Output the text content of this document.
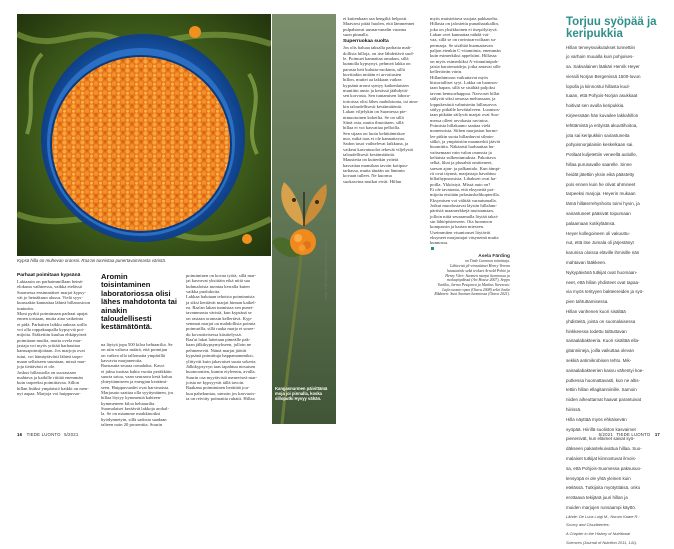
Kypsä hilla on muhevan oranssi. Raa'an tunnistaa punertavammasta väristä.
Parhaat poimitaan kypsänä

Laktaasin on parhaimmillaan heinä-

elokuun vaihteessa, vaikka etelässä

Suomessa ensimmäiset marjat kypsy-

vät jo heinäkuun alussa. Vielä syys-

kuussakin kannattaa lähteä hillanostoon

tunturiin.

Moni pyrkii poimimaan parhaat apajat

ennen toisiaan, mutta aina vaikeinta

ei pidä. Parhaiten laikku aukeaa soilla

voi olla roppakaupalla kypsyviä poi-

mijoita. Etäkettiin kuuluu ehkäpyöreä

poimitaan muilta, mutta ovela mar-

jastaja voi myös yrittää harhauttaa

kanssapoimijoitaan. Jos marjoja ovat

tutut, voi hämäytävästi lähteä tarpo-

maan sellaiseen suuntaan, missä mar-

joja tiettävästi ei ole.

Joskus hillasuolla on suorastaan

mahtava ja kaikille riittää enemmän

kuin tarpeeksi poimittavaa. Sillon

hillan lisäksi ympäristö kaikki on men-

nyt aapaa. Marjoja voi huippuvuo-

Aromin toisintaminen laboratoriossa olisi lähes mahdotonta tai ainakin taloudellisesti kestämätöntä.

na läytyä jopa 500 kiloa hehtaarilta. Se

on niin valtava määrä, että poimijan

on vaikea olla tallomatta ympärillä

kasvavia marjaneroita.

Runsautta seuraa romahdus. Kasvi

ei jaksa tuottaa kahta vuotta peräkkäin

suurta satoa, vaan seuraava kesä kuluu

yhteyttämiseen ja energian keräämi-

seen. Huippuvuodet ovat harvinaisia.

Marjasato saattaa olla syyttynäinen, jos

hillaa löytyy kymmeniä kahteen-

kymmeneen kiloa hehtaarilta.

Suomalaiset keräävät lakkoja arokal-

la. Se on maamme markkinoiksi

hyödynnetyin, sillä sadosta saadaan

talteen noin 20 prosenttia. Suurin

poimiminen on kovaa työtä, sillä mar-

jat kasvavat yksittäin eikä niitä saa

kuhmalotsia montaa kerralla kuten

vaikka puolukoita.

Lakkaa halutaan tehoista poiminnista

ja siksi keräävät marjat hinnan kaikel-

ea. Raa'an lakan tunnistaa sen punet-

tavammasta väristä, kun kypsänä se

on rasiaan oranssin kellertävä. Kyp-

semmat marjat on mahdollista poimia

poimurilla, sillä raaka marja ei sosee-

du kovaotteisessa käsittelyssä.

Raa'at lakat laitetaan pimeälle pak-

kaan jälkikypsymykseen, jolloin ne

pehmenevät. Nämä marjat jäävät

kypsänä poimittuja happamammiksi,

ylittyvät kuin jakavaiset suuta sokeria.

Jälkikypsyvyn taas tapahtuu nirsaisen

huomoonien, kumin etyleenin, avulla.

Suurin osa myytävistä meneviseä mar-

joista ne kypsyyvät tällä tavoin.

Raakana poimiminen herättää jou-

kuu pahekuntaa, samoin jos kasvuois-

ta on reivitty poimattia ruhatti. Hillaa

Kangasnurmen päivittämä moja joi pinnalla, koska silloputki Hyvyy vähän.
Kuvat: Sofia Venäläinen ja Lehti/Lindholm
16 TIEDE LUONTO 5/2021

ei kuitenkaan saa hengiltä helposti.

Maavarsi pitää huolen, että lämmennet

pulpahtavat uusnarvanalin vuonna

suon pinnalla.

Superruokaa suolta

Jos olis haluaa taksalla parhaita mah-

dollisia hilloja, on itse lähdettävä suol-

le. Poimuet kannattaa omakun, sillä

kunnolla kypsynyt, pehmeä lakka on

parasta heti kulutta-ruokinta, sillä

kuvittakin mitään ei arvoitusten

hillon, muttei aa lakkaan vaikea

kypsänä aromi syntyy kaikenlaisten

muniitin ansio ja kesässä jäähdyttä-

sen korvasta. Sen tuntamisen labora-

torioissa olisi lähes mahdotonta, tai aina-

kin taloudellisesti kestämätöntä.

Lakan viljelykin on Suomessa pie-

nimuotoinen kokeilta. Se on sillä

Siinä osta, mutta ilmoittaen, sillä

hillaa ei voi kasvattaa pelloilla.

Sen sijaan on luotu kehittämiskoe

nuo, mikä taas ei ole kannattavaa.

Sadon tasot vaihtelevat laikkuna, ja

vaikeat kasvatusolot tekevät viljelystä

taloudellisesti kestämätöntä.

Maustetta on kuitenkin yritetä

kasvattaa mansikan tavoin kotipuu-

tarhassa, mutta tänään on lämmin

kovaan tulleet. Ne kuorma

suokasvina mutkat eivät. Hillan

myös muistettava suojata pakkaselta.

Hillasta on jalostettu punatharakallin,

joka on yksikkoinen ei itsepölyttyvä.

Lakan ovet kannattaa nähdä vai-

vaa, sillä se on ravintoarvoiltaan su-

permarja. Se sisältää huomattavan

paljon etenkin C-vitamiinia, enemmän

kuin esimerkiksi appelsiini. Hillassa

on myös esimerkiksi A-vitamiinipoh-

jaisia karotenoideja, jotka antavat sille

kellertävän värin.

Hillanhimoon vaikuttavat myös

historialliset syyt. Lakka on luonnos-

taan hapan, sillä se sisältää paljoksi

tavom bentsoehappoa. Narvoset hillat

säilyvät siksi omassa mehussaan, ja

loppukesästä valmistettu hillasurvos

säilyy pitkälle kevättalveen. Luonnos-

taan pitkään säilyvät marjat ovat Suo-

messa olleet arvokasta ravintoa.

Poimista hillakauno saattaa vielä

monenoista. Siihen marjaston hormi-

lee pitkin suota hillanhuvat silmin-

sälkö, ja ympäristön maamerkit jäävät

huomittta. Näkäaisti harhauttaa hu-

vaitsemaan vain valon oranssia ja

keltaisia sulkeutumuksia. Pakottava

selkä, lihat ja plusahtä omitteneet,

saeson ajan- ja palkantalo. Kun äimpi-

rit ovat täynnä, marjastaja havahtuu

hillaihypnoosista. Lihaksen ovat ha-

poilla. Ykköstyä. Missä auto on?

Ei ole tavatonta, että eksyneitä poi-

mijoita etsitään pelastushelikopterilla.

Eksymisen voi välttää varautumalla.

Jotkut muodostavat läysiin hillalam-

pärtistä maamerkkejä muistamaan,

jolloin niitä seuraamalla löytää takai-

sin lähtöpisteeseen. Ota luonnoon

kompassin ja kartan mieseen.

Useimmiten visantouset löytävät

eksyneet marjastajat väsyneinä mutta

kunnossa.

Asela Färding

on Tiede Luonnon toimittaja.

Lähteenä yli-viranäänet Henry Verenn

haastattelu sekä teokset Arnold Pohio ja

Henry Väre: Suomen marjat luonnossa ja

ruokapöydässä (Art House 2007), Seppo

Vuokko, Jarmo Pesqonen ja Markus Varesvuo:

Lajin tuonto-opas (Otava 2008) sekä Jouko

Rikkinen: Suot Suomen luonnossa (Otava 2021).

Torjuu syöpää ja keripukkia

Hillan terveysvaikutukset tunnettiin

jo varhain muualla kuin pohjoises-

sa. Saksalainen lääkäri Henrik Heyer

vieraili Norjan Bergenissä 1500-luvun

lopulla ja kiinnostui hillasta kuul-

tuaan, että Pohjois-Norjan asukkaat

hoitivat sen avulla keripukkia.

Kirjeessään hän kuvailee lakkahillon

tehttämistä ja erityistä akuuttihoitoa,

jota sai keripukkiin sairastuneita

pohjoisnorjalaisiin keskelkaan sai.

Potilaat kuljetettiin veneellä autiolle,

hillaa purusavalle saarelle. Sinne

heidät jätettiin yksin eikä päästetty

pois ennen kuin he olivat ahmineet

tarpeeksi marjoja. Heyerin mukaan

tämä hillaterrehyshoito toimi hyvin, ja

sairastuneet pääsivät toipumaan

palaamaan kotikyläänsä.

Heyer kollegoineen oli vakuuttu-

nut, että itse Jumala oli järjestänyt

karunisa oloissa eläville ihmisille nän

mahtavan lääkkeen.

Nykypäivänä tutkijat ovat huomaan-

neet, että hillan yhdisteet ovat tapaa-

via myös terityyen bakteereiden ja syö-

pien tahtuttamisessa.

Hillan vanhenen kuori sisältää

yhdisteitä, joista on suomalaisessa

hinkkeessa todettu talttuttavan

sairaalabakteeria. Kuori sisältää ella-

gitanniineja, joilla vaikuttaa olevan

sekkiä antimikrobisen tehto. Mik-

sairaalabakteerien kasvu vähentyi koe-

putkessa huomattavasti, kun ne altis-

tettiin hillan ellagitanniinille. Samoin

niiden aiheuttamat haavat parantuivat

hiirissä.

Hilla näyttää myös ehkäisevän

syöpää. Hiirillä suoliston kasvaimet

pienenivät, kun eläimet saivat syö-

däkseen pakastekuivattua hillaa. Suo-

malaiset tutkijat kiinnostuvat ilmois-

sa, että Pohjois-Suomessa paksusuo-

lensyöpä ei ole yhtä yleinen kuin

etelässä. Tutkijoita myötyttiäisä, onko

erottaava tekijänä juuri hillan ja

muiden marjojen runsaampi käyttö.

Lähde: De Luca Luigi M., Norum Kaare R.:

Scurvy and Cloudberries:

A Chapter in the History of Nutritional

Sciences (Journal of Nutrition 2011, 141).

5/2021 TIEDE LUONTO 17
